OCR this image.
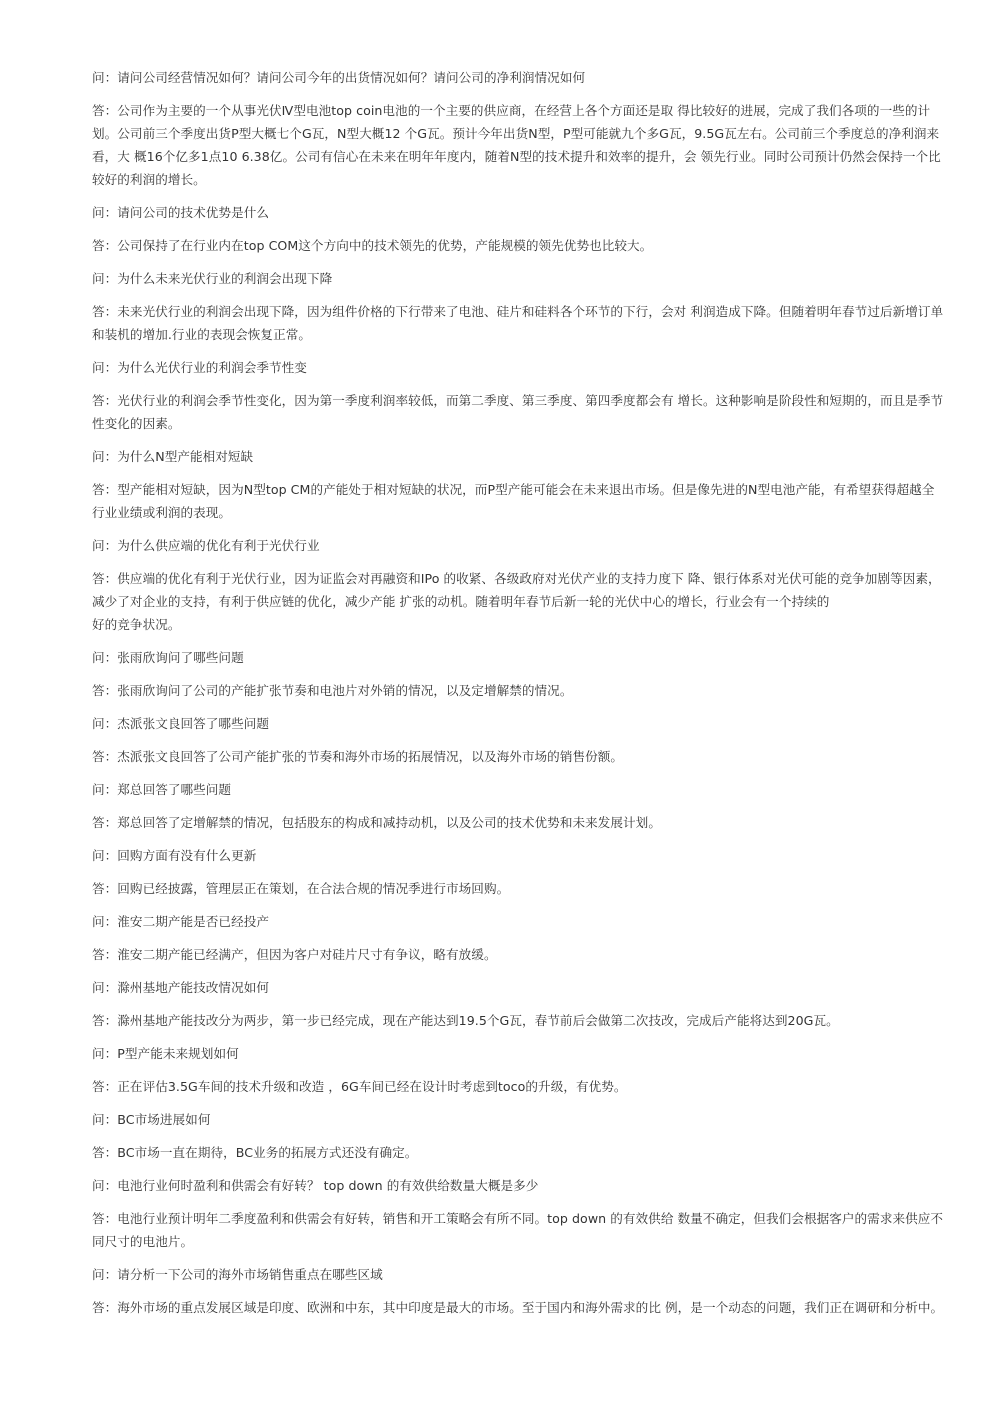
问：请问公司经营情况如何？请问公司今年的出货情况如何？请问公司的净利润情况如何

答：公司作为主要的一个从事光伏Ⅳ型电池top coin电池的一个主要的供应商，在经营上各个方面还是取 得比较好的进展，完成了我们各项的一些的计划。公司前三个季度出货P型大概七个G瓦，N型大概12 个G瓦。预计今年出货N型，P型可能就九个多G瓦，9.5G瓦左右。公司前三个季度总的净利润来看，大 概16个亿多1点10 6.38亿。公司有信心在未来在明年年度内，随着N型的技术提升和效率的提升，会 领先行业。同时公司预计仍然会保持一个比较好的利润的增长。

问：请问公司的技术优势是什么

答：公司保持了在行业内在top COM这个方向中的技术领先的优势，产能规模的领先优势也比较大。

问：为什么未来光伏行业的利润会出现下降

答：未来光伏行业的利润会出现下降，因为组件价格的下行带来了电池、硅片和硅料各个环节的下行，会对 利润造成下降。但随着明年春节过后新增订单和装机的增加.行业的表现会恢复正常。

问：为什么光伏行业的利润会季节性变

答：光伏行业的利润会季节性变化，因为第一季度利润率较低，而第二季度、第三季度、第四季度都会有 增长。这种影响是阶段性和短期的，而且是季节性变化的因素。

问：为什么N型产能相对短缺

答：型产能相对短缺，因为N型top CM的产能处于相对短缺的状况，而P型产能可能会在未来退出市场。但是像先进的N型电池产能，有希望获得超越全行业业绩或利润的表现。

问：为什么供应端的优化有利于光伏行业

答：供应端的优化有利于光伏行业，因为证监会对再融资和IPo 的收紧、各级政府对光伏产业的支持力度下 降、银行体系对光伏可能的竞争加剧等因素，减少了对企业的支持，有利于供应链的优化，减少产能 扩张的动机。随着明年春节后新一轮的光伏中心的增长，行业会有一个持续的
好的竞争状况。

问：张雨欣询问了哪些问题

答：张雨欣询问了公司的产能扩张节奏和电池片对外销的情况，以及定增解禁的情况。

问：杰派张文良回答了哪些问题

答：杰派张文良回答了公司产能扩张的节奏和海外市场的拓展情况，以及海外市场的销售份额。

问：郑总回答了哪些问题

答：郑总回答了定增解禁的情况，包括股东的构成和减持动机，以及公司的技术优势和未来发展计划。

问：回购方面有没有什么更新

答：回购已经披露，管理层正在策划，在合法合规的情况季进行市场回购。

问：淮安二期产能是否已经投产

答：淮安二期产能已经满产，但因为客户对硅片尺寸有争议，略有放缓。

问：滁州基地产能技改情况如何

答：滁州基地产能技改分为两步，第一步已经完成，现在产能达到19.5个G瓦，春节前后会做第二次技改，完成后产能将达到20G瓦。

问：P型产能未来规划如何

答：正在评估3.5G车间的技术升级和改造 ，6G车间已经在设计时考虑到toco的升级，有优势。

问：BC市场进展如何

答：BC市场一直在期待，BC业务的拓展方式还没有确定。

问：电池行业何时盈利和供需会有好转？ top down 的有效供给数量大概是多少

答：电池行业预计明年二季度盈利和供需会有好转，销售和开工策略会有所不同。top down 的有效供给 数量不确定，但我们会根据客户的需求来供应不同尺寸的电池片。

问：请分析一下公司的海外市场销售重点在哪些区域

答：海外市场的重点发展区域是印度、欧洲和中东，其中印度是最大的市场。至于国内和海外需求的比 例，是一个动态的问题，我们正在调研和分析中。
